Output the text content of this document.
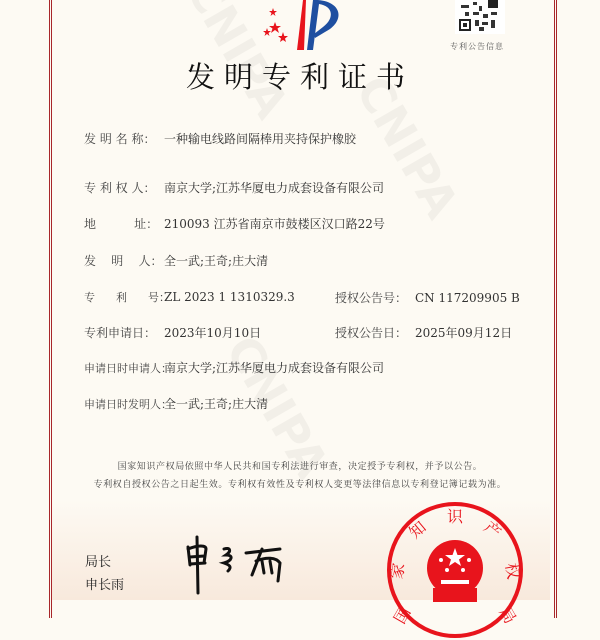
专利公告信息
发明专利证书
发 明 名 称： 一种输电线路间隔棒用夹持保护橡胶
专 利 权 人： 南京大学;江苏华厦电力成套设备有限公司
地          址： 210093 江苏省南京市鼓楼区汉口路22号
发    明    人：全一武;王奇;庄大清
专      利      号：ZL 2023 1 1310329.3
专利申请日： 2023年10月10日
申请日时申请人：南京大学;江苏华厦电力成套设备有限公司
申请日时发明人：全一武;王奇;庄大清
授权公告号： CN 117209905 B
授权公告日： 2025年09月12日
国家知识产权局依照中华人民共和国专利法进行审查，决定授予专利权，并予以公告。
专利权自授权公告之日起生效。专利权有效性及专利权人变更等法律信息以专利登记簿记载为准。
局长
申长雨
国
家
知
识
产
权
局
